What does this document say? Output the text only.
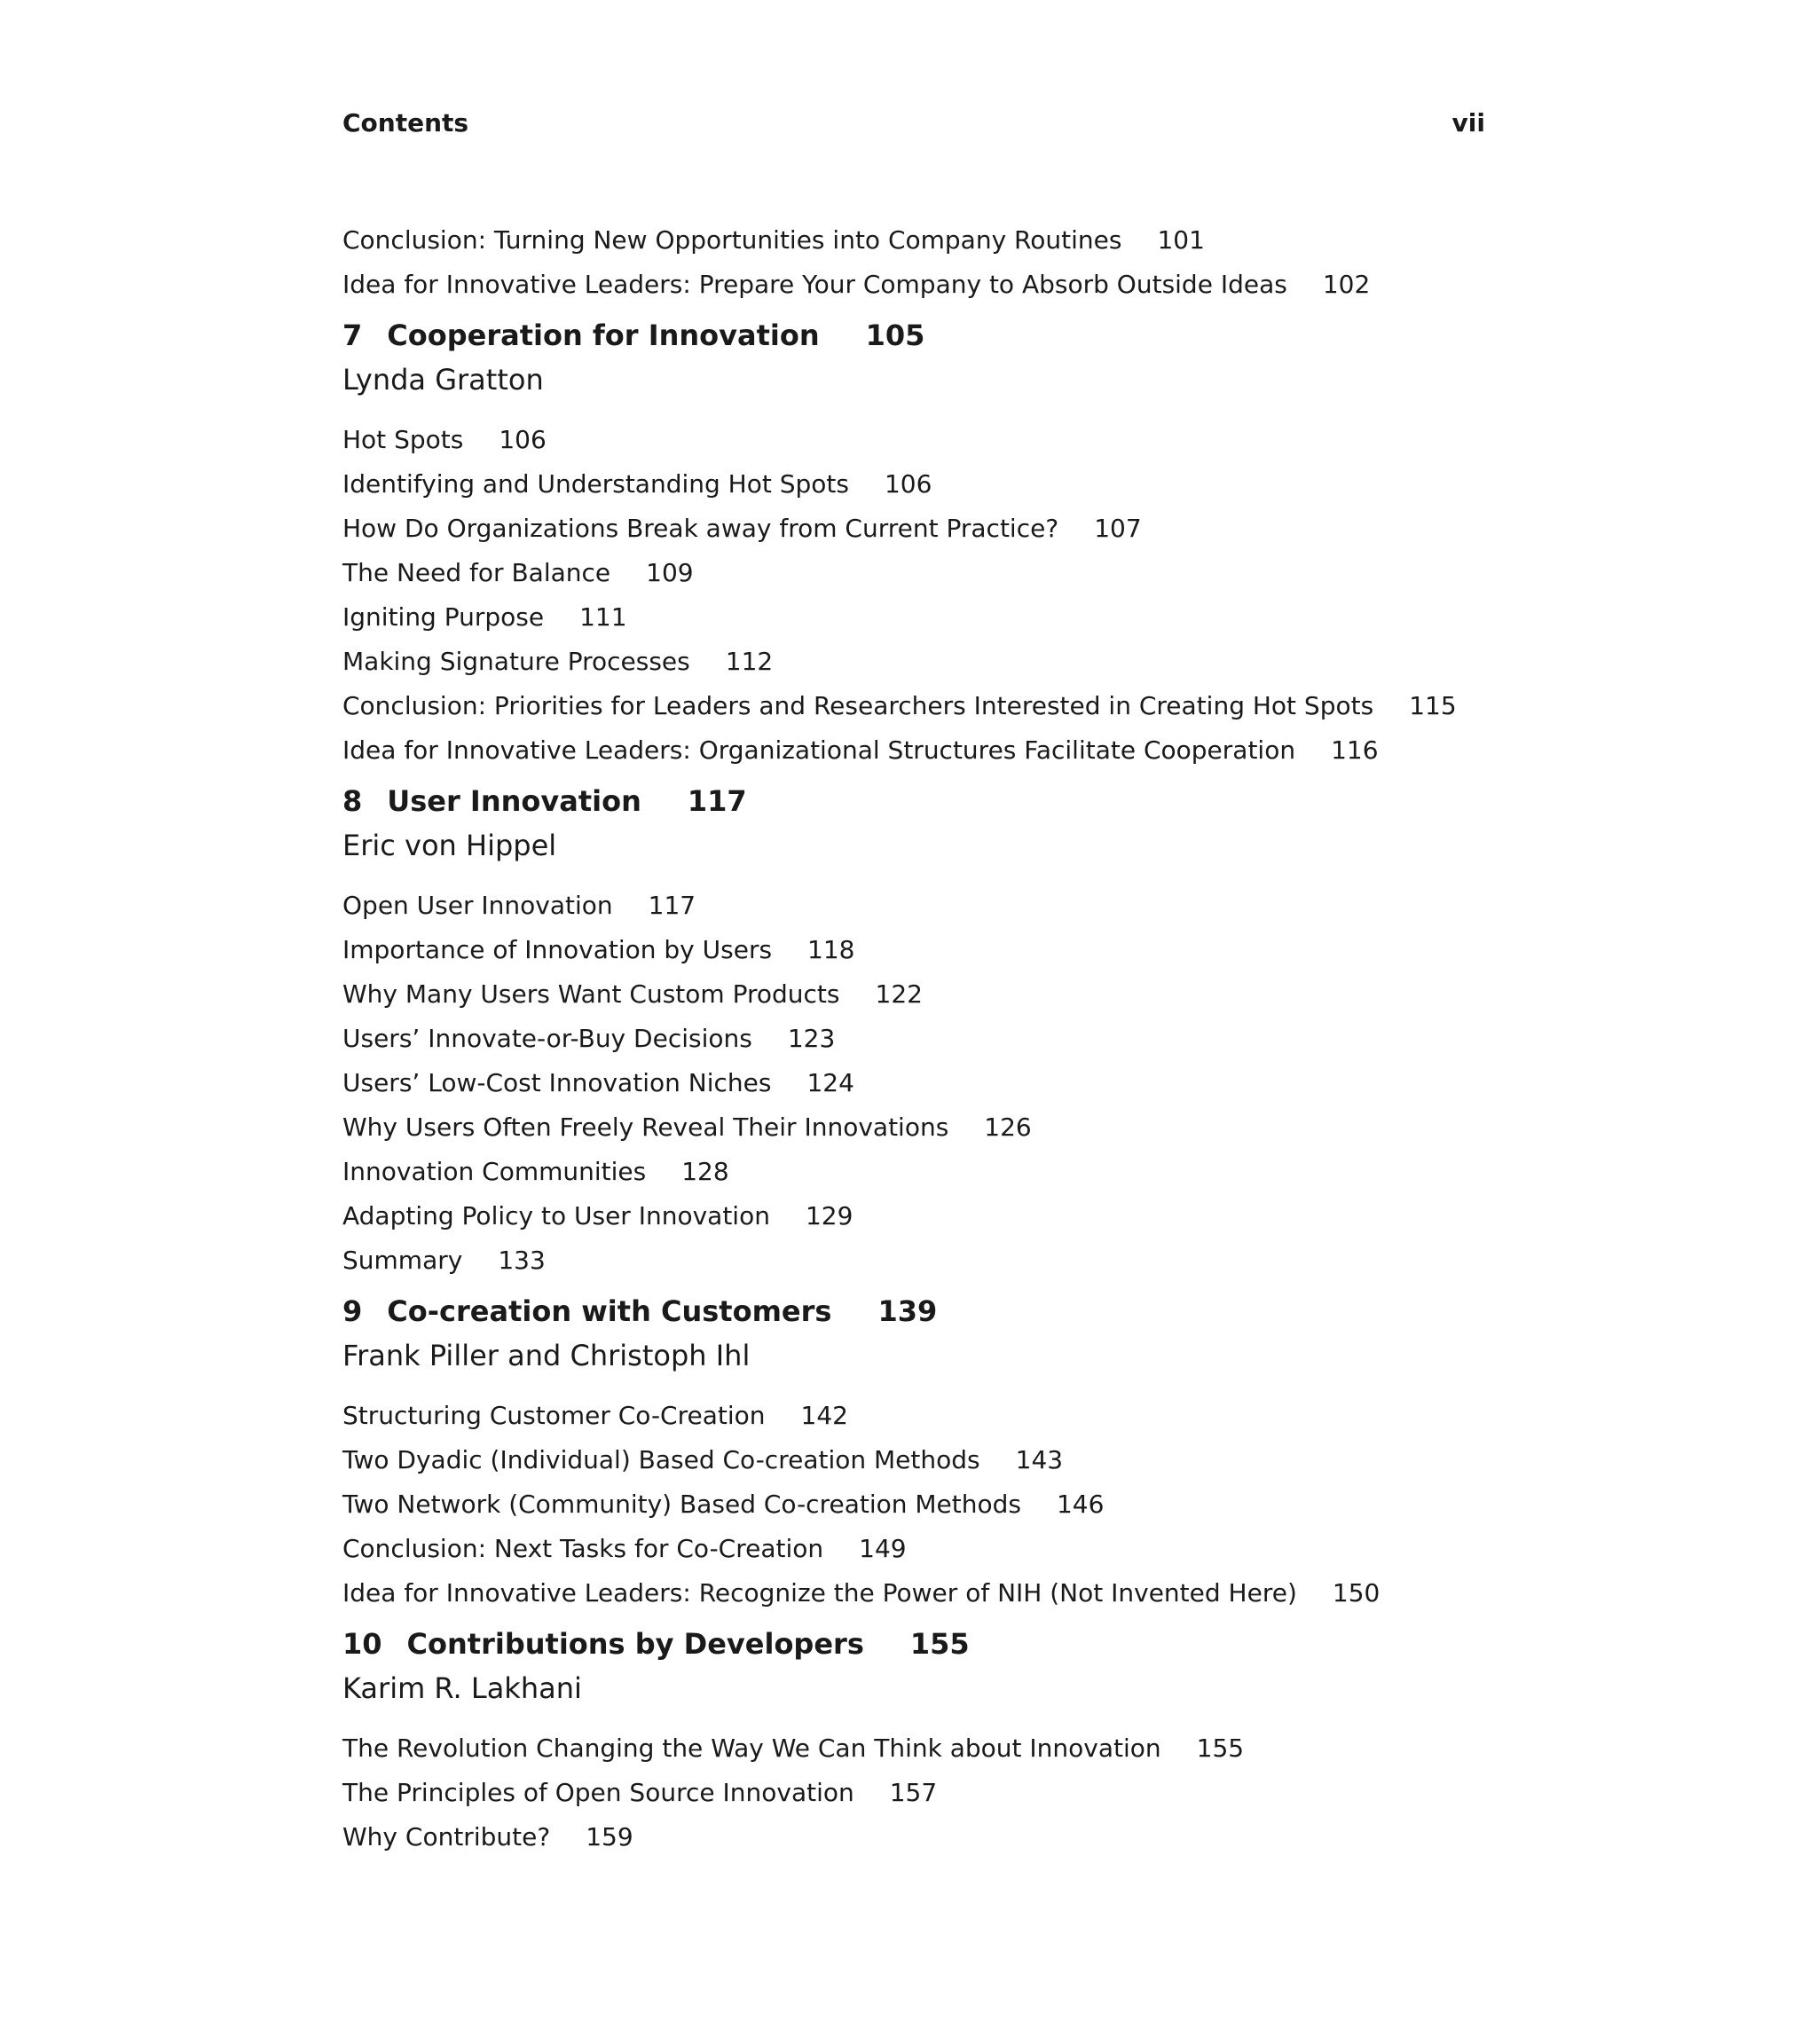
Contents	vii
Conclusion: Turning New Opportunities into Company Routines 101
Idea for Innovative Leaders: Prepare Your Company to Absorb Outside Ideas 102
7 Cooperation for Innovation 105
Lynda Gratton
Hot Spots 106
Identifying and Understanding Hot Spots 106
How Do Organizations Break away from Current Practice? 107
The Need for Balance 109
Igniting Purpose 111
Making Signature Processes 112
Conclusion: Priorities for Leaders and Researchers Interested in Creating Hot Spots 115
Idea for Innovative Leaders: Organizational Structures Facilitate Cooperation 116
8 User Innovation 117
Eric von Hippel
Open User Innovation 117
Importance of Innovation by Users 118
Why Many Users Want Custom Products 122
Users’ Innovate-or-Buy Decisions 123
Users’ Low-Cost Innovation Niches 124
Why Users Often Freely Reveal Their Innovations 126
Innovation Communities 128
Adapting Policy to User Innovation 129
Summary 133
9 Co-creation with Customers 139
Frank Piller and Christoph Ihl
Structuring Customer Co-Creation 142
Two Dyadic (Individual) Based Co-creation Methods 143
Two Network (Community) Based Co-creation Methods 146
Conclusion: Next Tasks for Co-Creation 149
Idea for Innovative Leaders: Recognize the Power of NIH (Not Invented Here) 150
10 Contributions by Developers 155
Karim R. Lakhani
The Revolution Changing the Way We Can Think about Innovation 155
The Principles of Open Source Innovation 157
Why Contribute? 159
